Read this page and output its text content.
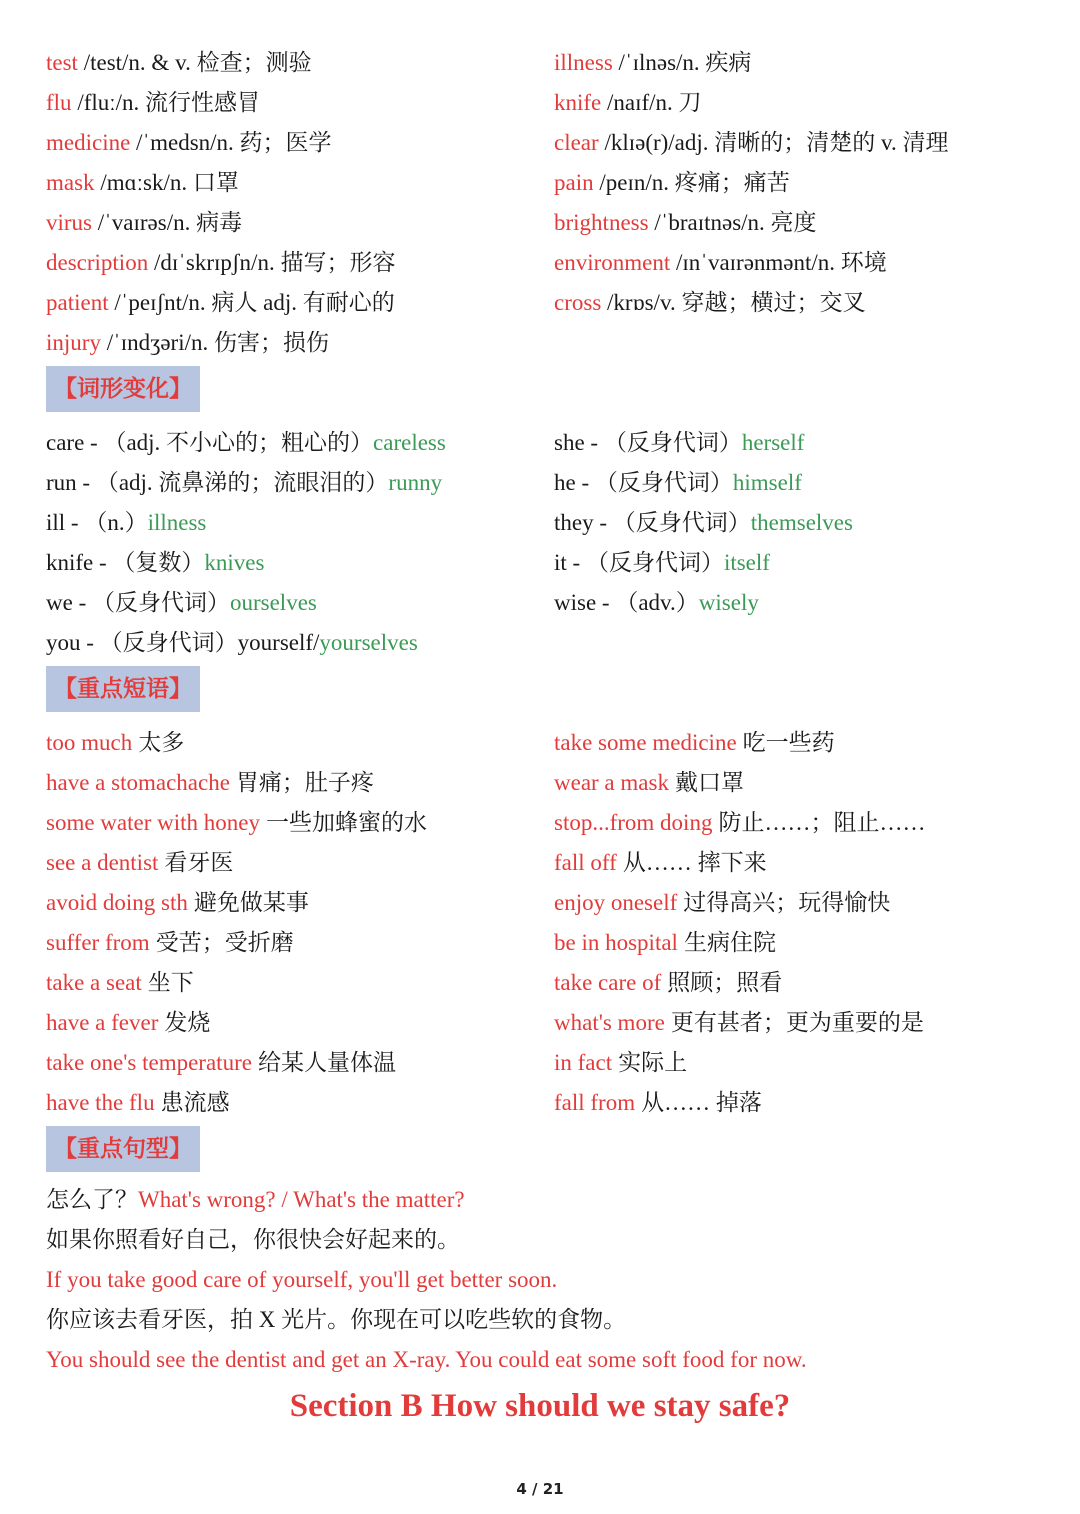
test /test/n. & v. 检查；测验	illness /ˈɪlnəs/n. 疾病
flu /fluː/n. 流行性感冒	knife /naɪf/n. 刀
medicine /ˈmedsn/n. 药；医学	clear /klɪə(r)/adj. 清晰的；清楚的 v. 清理
mask /mɑːsk/n. 口罩	pain /peɪn/n. 疼痛；痛苦
virus /ˈvaɪrəs/n. 病毒	brightness /ˈbraɪtnəs/n. 亮度
description /dɪˈskrɪpʃn/n. 描写；形容	environment /ɪnˈvaɪrənmənt/n. 环境
patient /ˈpeɪʃnt/n. 病人 adj. 有耐心的	cross /krɒs/v. 穿越；横过；交叉
injury /ˈɪndʒəri/n. 伤害；损伤
【词形变化】
care - （adj. 不小心的；粗心的）careless	she - （反身代词）herself
run - （adj. 流鼻涕的；流眼泪的）runny	he - （反身代词）himself
ill - （n.）illness	they - （反身代词）themselves
knife - （复数）knives	it - （反身代词）itself
we - （反身代词）ourselves	wise - （adv.）wisely
you - （反身代词）yourself/yourselves
【重点短语】
too much 太多	take some medicine 吃一些药
have a stomachache 胃痛；肚子疼	wear a mask 戴口罩
some water with honey 一些加蜂蜜的水	stop...from doing 防止……；阻止……
see a dentist 看牙医	fall off 从…… 摔下来
avoid doing sth 避免做某事	enjoy oneself 过得高兴；玩得愉快
suffer from 受苦；受折磨	be in hospital 生病住院
take a seat 坐下	take care of 照顾；照看
have a fever 发烧	what's more 更有甚者；更为重要的是
take one's temperature 给某人量体温	in fact 实际上
have the flu 患流感	fall from 从…… 掉落
【重点句型】
怎么了？What's wrong? / What's the matter?
如果你照看好自己，你很快会好起来的。
If you take good care of yourself, you'll get better soon.
你应该去看牙医，拍 X 光片。你现在可以吃些软的食物。
You should see the dentist and get an X-ray. You could eat some soft food for now.
Section B How should we stay safe?
4 / 21
